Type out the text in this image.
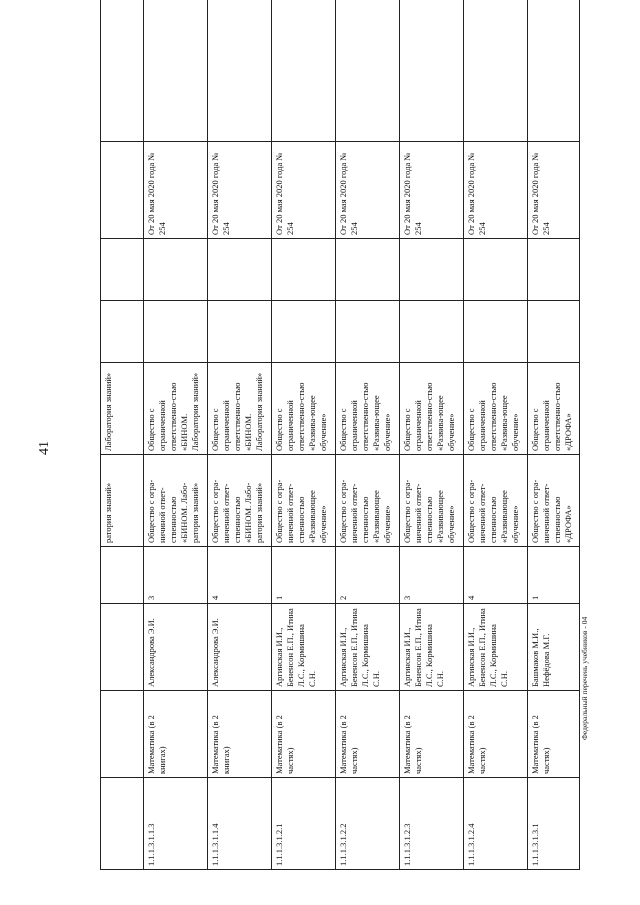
41
				ратория знаний»	Лаборатория знаний»				
1.1.1.3.1.1.3	Математика (в 2 книгах)	Александрова Э.И.	3	Общество с огра-ничиной ответ-ственностью «БИНОМ. Лабо-ратория знаний»	Общество с ограниченной ответственно-стью «БИНОМ. Лаборатория знаний»			От 20 мая 2020 года № 254	
1.1.1.3.1.1.4	Математика (в 2 книгах)	Александрова Э.И.	4	Общество с огра-ниченной ответ-ственностью «БИНОМ. Лабо-ратория знаний»	Общество с ограниченной ответственно-стью «БИНОМ. Лаборатория знаний»			От 20 мая 2020 года № 254	
1.1.1.3.1.2.1	Математика (в 2 частях)	Аргинская И.И., Бененсон Е.П., Итина Л.С., Кормишина С.Н.	1	Общество с огра-ниченной ответ-ственностью «Развивающее обучение»	Общество с ограниченной ответственно-стью «Развива-ющее обучение»			От 20 мая 2020 года № 254	
1.1.1.3.1.2.2	Математика (в 2 частях)	Аргинская И.И., Бененсон Е.П., Итина Л.С., Кормишина С.Н.	2	Общество с огра-ниченной ответ-ственностью «Развивающее обучение»	Общество с ограниченной ответственно-стью «Развива-ющее обучение»			От 20 мая 2020 года № 254	
1.1.1.3.1.2.3	Математика (в 2 частях)	Аргинская И.И., Бененсон Е.П., Итина Л.С., Кормишина С.Н.	3	Общество с огра-ниченной ответ-ственностью «Развивающее обучение»	Общество с ограниченной ответственно-стью «Развива-ющее обучение»			От 20 мая 2020 года № 254	
1.1.1.3.1.2.4	Математика (в 2 частях)	Аргинская И.И., Бененсон Е.П., Итина Л.С., Кормишина С.Н.	4	Общество с огра-ниченной ответ-ственностью «Развивающее обучение»	Общество с ограниченной ответственно-стью «Развива-ющее обучение»			От 20 мая 2020 года № 254	
1.1.1.3.1.3.1	Математика (в 2 частях)	Башмаков М.И., Нефёдова М.Г.	1	Общество с огра-ниченной ответ-ственностью «ДРОФА»	Общество с ограниченной ответственно-стью «ДРОФА»			От 20 мая 2020 года № 254	
Федеральный перечень учебников - 04
